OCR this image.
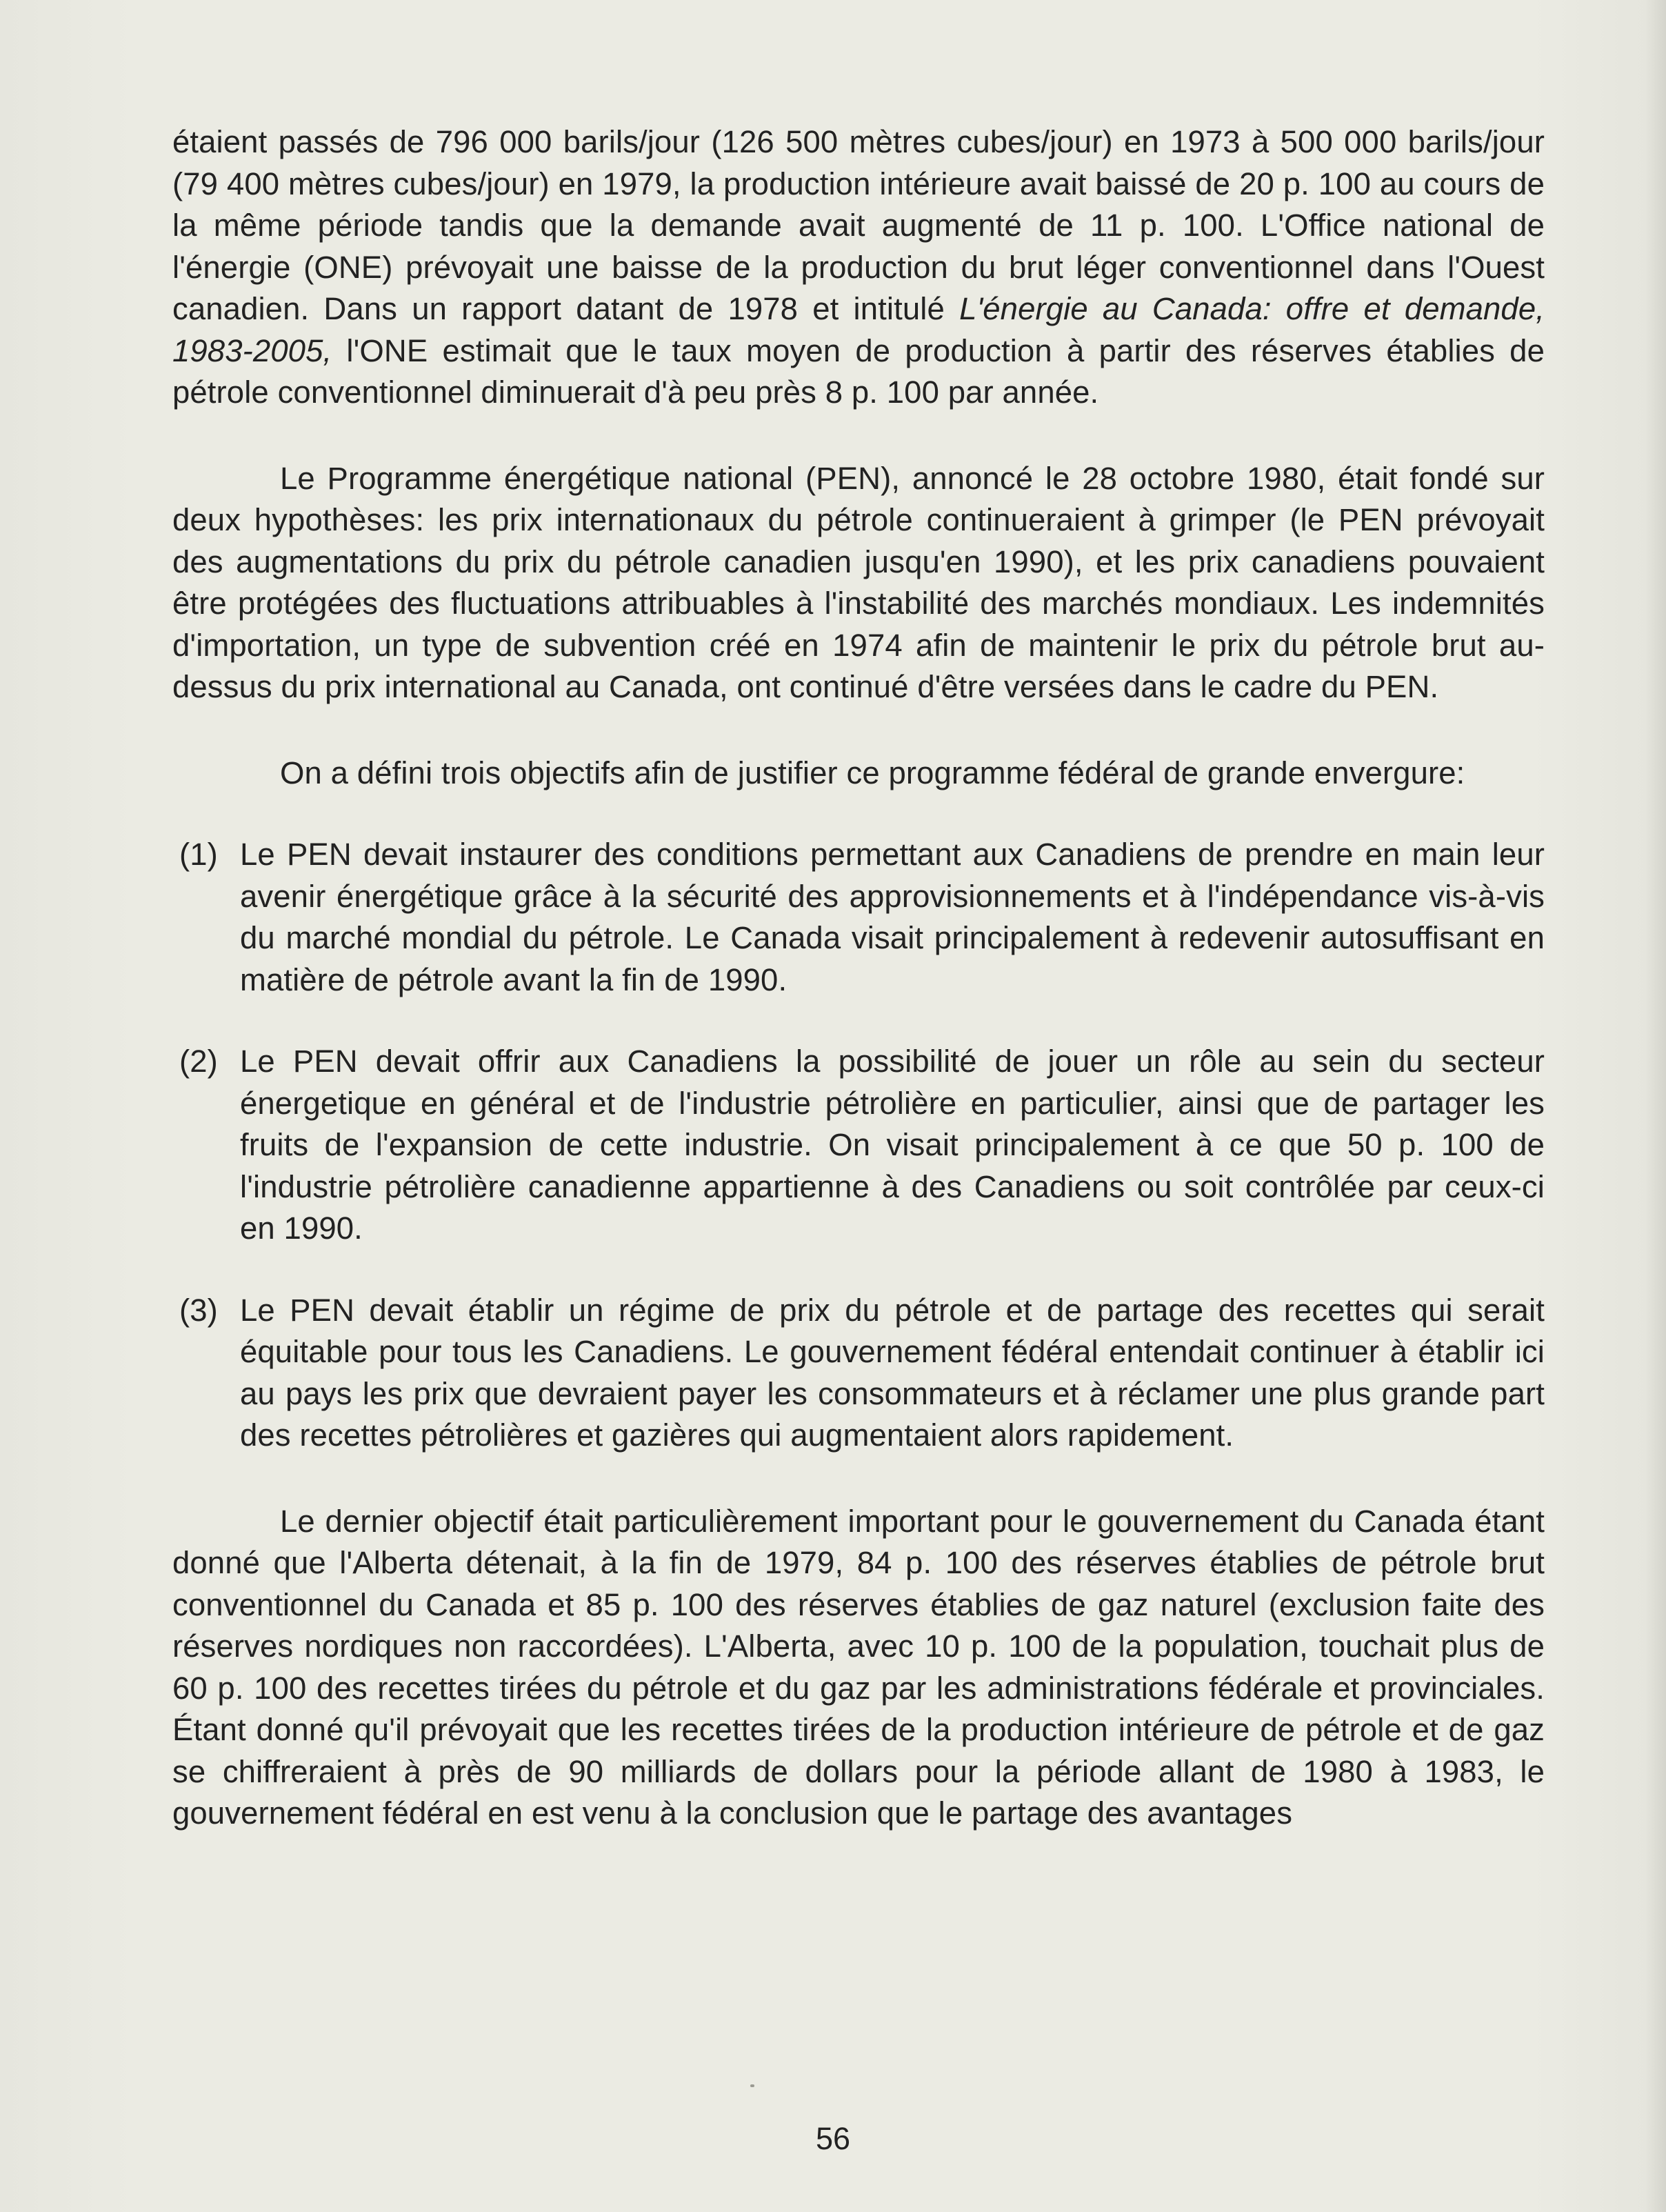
étaient passés de 796 000 barils/jour (126 500 mètres cubes/jour) en 1973 à 500 000 barils/jour (79 400 mètres cubes/jour) en 1979, la production intérieure avait baissé de 20 p. 100 au cours de la même période tandis que la demande avait augmenté de 11 p. 100. L'Office national de l'énergie (ONE) prévoyait une baisse de la production du brut léger conventionnel dans l'Ouest canadien. Dans un rapport datant de 1978 et intitulé L'énergie au Canada: offre et demande, 1983-2005, l'ONE estimait que le taux moyen de production à partir des réserves établies de pétrole conventionnel diminuerait d'à peu près 8 p. 100 par année.

Le Programme énergétique national (PEN), annoncé le 28 octobre 1980, était fondé sur deux hypothèses: les prix internationaux du pétrole continueraient à grimper (le PEN prévoyait des augmentations du prix du pétrole canadien jusqu'en 1990), et les prix canadiens pouvaient être protégées des fluctuations attribuables à l'instabilité des marchés mondiaux. Les indemnités d'importation, un type de subvention créé en 1974 afin de maintenir le prix du pétrole brut au-dessus du prix international au Canada, ont continué d'être versées dans le cadre du PEN.

On a défini trois objectifs afin de justifier ce programme fédéral de grande envergure:

(1) Le PEN devait instaurer des conditions permettant aux Canadiens de prendre en main leur avenir énergétique grâce à la sécurité des approvisionnements et à l'indépendance vis-à-vis du marché mondial du pétrole. Le Canada visait principalement à redevenir autosuffisant en matière de pétrole avant la fin de 1990.

(2) Le PEN devait offrir aux Canadiens la possibilité de jouer un rôle au sein du secteur énergetique en général et de l'industrie pétrolière en particulier, ainsi que de partager les fruits de l'expansion de cette industrie. On visait principalement à ce que 50 p. 100 de l'industrie pétrolière canadienne appartienne à des Canadiens ou soit contrôlée par ceux-ci en 1990.

(3) Le PEN devait établir un régime de prix du pétrole et de partage des recettes qui serait équitable pour tous les Canadiens. Le gouvernement fédéral entendait continuer à établir ici au pays les prix que devraient payer les consommateurs et à réclamer une plus grande part des recettes pétrolières et gazières qui augmentaient alors rapidement.

Le dernier objectif était particulièrement important pour le gouvernement du Canada étant donné que l'Alberta détenait, à la fin de 1979, 84 p. 100 des réserves établies de pétrole brut conventionnel du Canada et 85 p. 100 des réserves établies de gaz naturel (exclusion faite des réserves nordiques non raccordées). L'Alberta, avec 10 p. 100 de la population, touchait plus de 60 p. 100 des recettes tirées du pétrole et du gaz par les administrations fédérale et provinciales. Étant donné qu'il prévoyait que les recettes tirées de la production intérieure de pétrole et de gaz se chiffreraient à près de 90 milliards de dollars pour la période allant de 1980 à 1983, le gouvernement fédéral en est venu à la conclusion que le partage des avantages

56
